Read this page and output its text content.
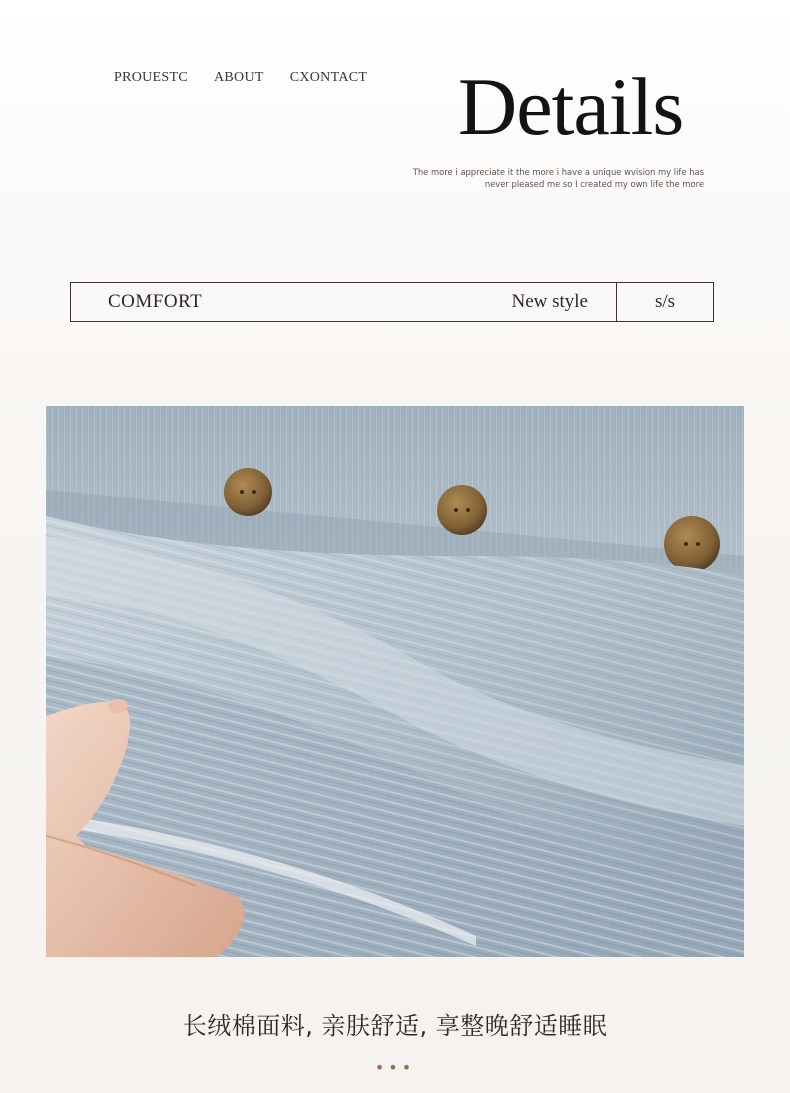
PROUESTC ABOUT CXONTACT Details
The more i appreciate it the more i have a unique wvision my life has
never pleased me so I created my own life the more
COMFORT	New style	s/s
长绒棉面料, 亲肤舒适, 享整晚舒适睡眠
•••
